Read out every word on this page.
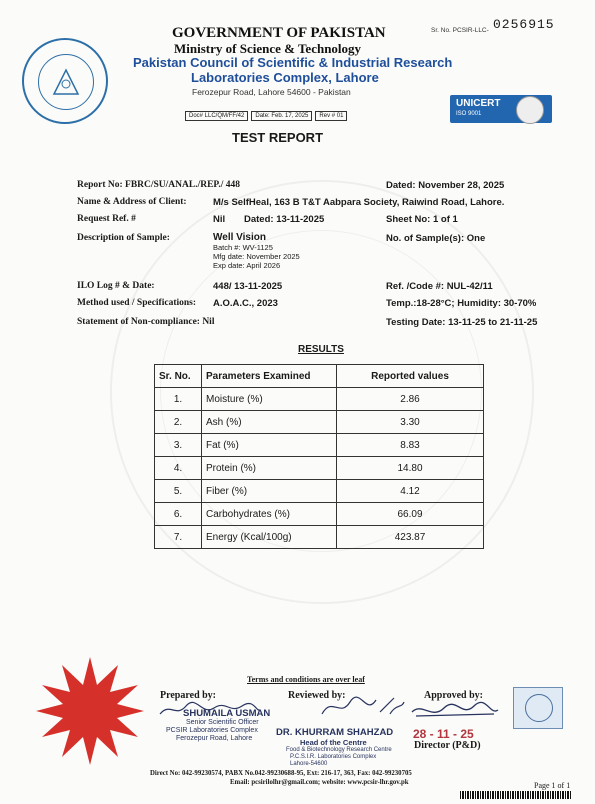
GOVERNMENT OF PAKISTAN
Ministry of Science & Technology
Pakistan Council of Scientific & Industrial Research
Laboratories Complex, Lahore
Ferozepur Road, Lahore 54600 - Pakistan
Doc# LLC/QM/FF/42 Date: Feb. 17, 2025 Rev # 01
Sr. No. PCSIR-LLC- 0256915
UNICERT
ISO 9001
TEST REPORT
Report No: FBRC/SU/ANAL./REP./ 448	Dated: November 28, 2025
Name & Address of Client:	M/s SelfHeal, 163 B T&T Aabpara Society, Raiwind Road, Lahore.
Request Ref. #	Nil Dated: 13-11-2025	Sheet No: 1 of 1
Description of Sample:	Well Vision
Batch #: WV-1125
Mfg date: November 2025
Exp date: April 2026
No. of Sample(s): One
ILO Log # & Date:	448/ 13-11-2025	Ref. /Code #: NUL-42/11
Method used / Specifications: A.O.A.C., 2023	Temp.:18-28°C; Humidity: 30-70%
Statement of Non-compliance: Nil	Testing Date: 13-11-25 to 21-11-25
RESULTS
Sr. No.	Parameters Examined	Reported values
1.	Moisture (%)	2.86
2.	Ash (%)	3.30
3.	Fat (%)	8.83
4.	Protein (%)	14.80
5.	Fiber (%)	4.12
6.	Carbohydrates (%)	66.09
7.	Energy (Kcal/100g)	423.87
Terms and conditions are over leaf
Prepared by:	Reviewed by:	Approved by:
SHUMAILA USMAN
Senior Scientific Officer
PCSIR Laboratories Complex
Ferozepur Road, Lahore
DR. KHURRAM SHAHZAD
Head of the Centre
Food & Biotechnology Research Centre
P.C.S.I.R. Laboratories Complex
Lahore-54600
28 - 11 - 25
Director (P&D)
Direct No: 042-99230574, PABX No.042-99230688-95, Ext: 216-17, 363, Fax: 042-99230705
Email: pcsirilolhr@gmail.com; website: www.pcsir-lhr.gov.pk	Page 1 of 1
